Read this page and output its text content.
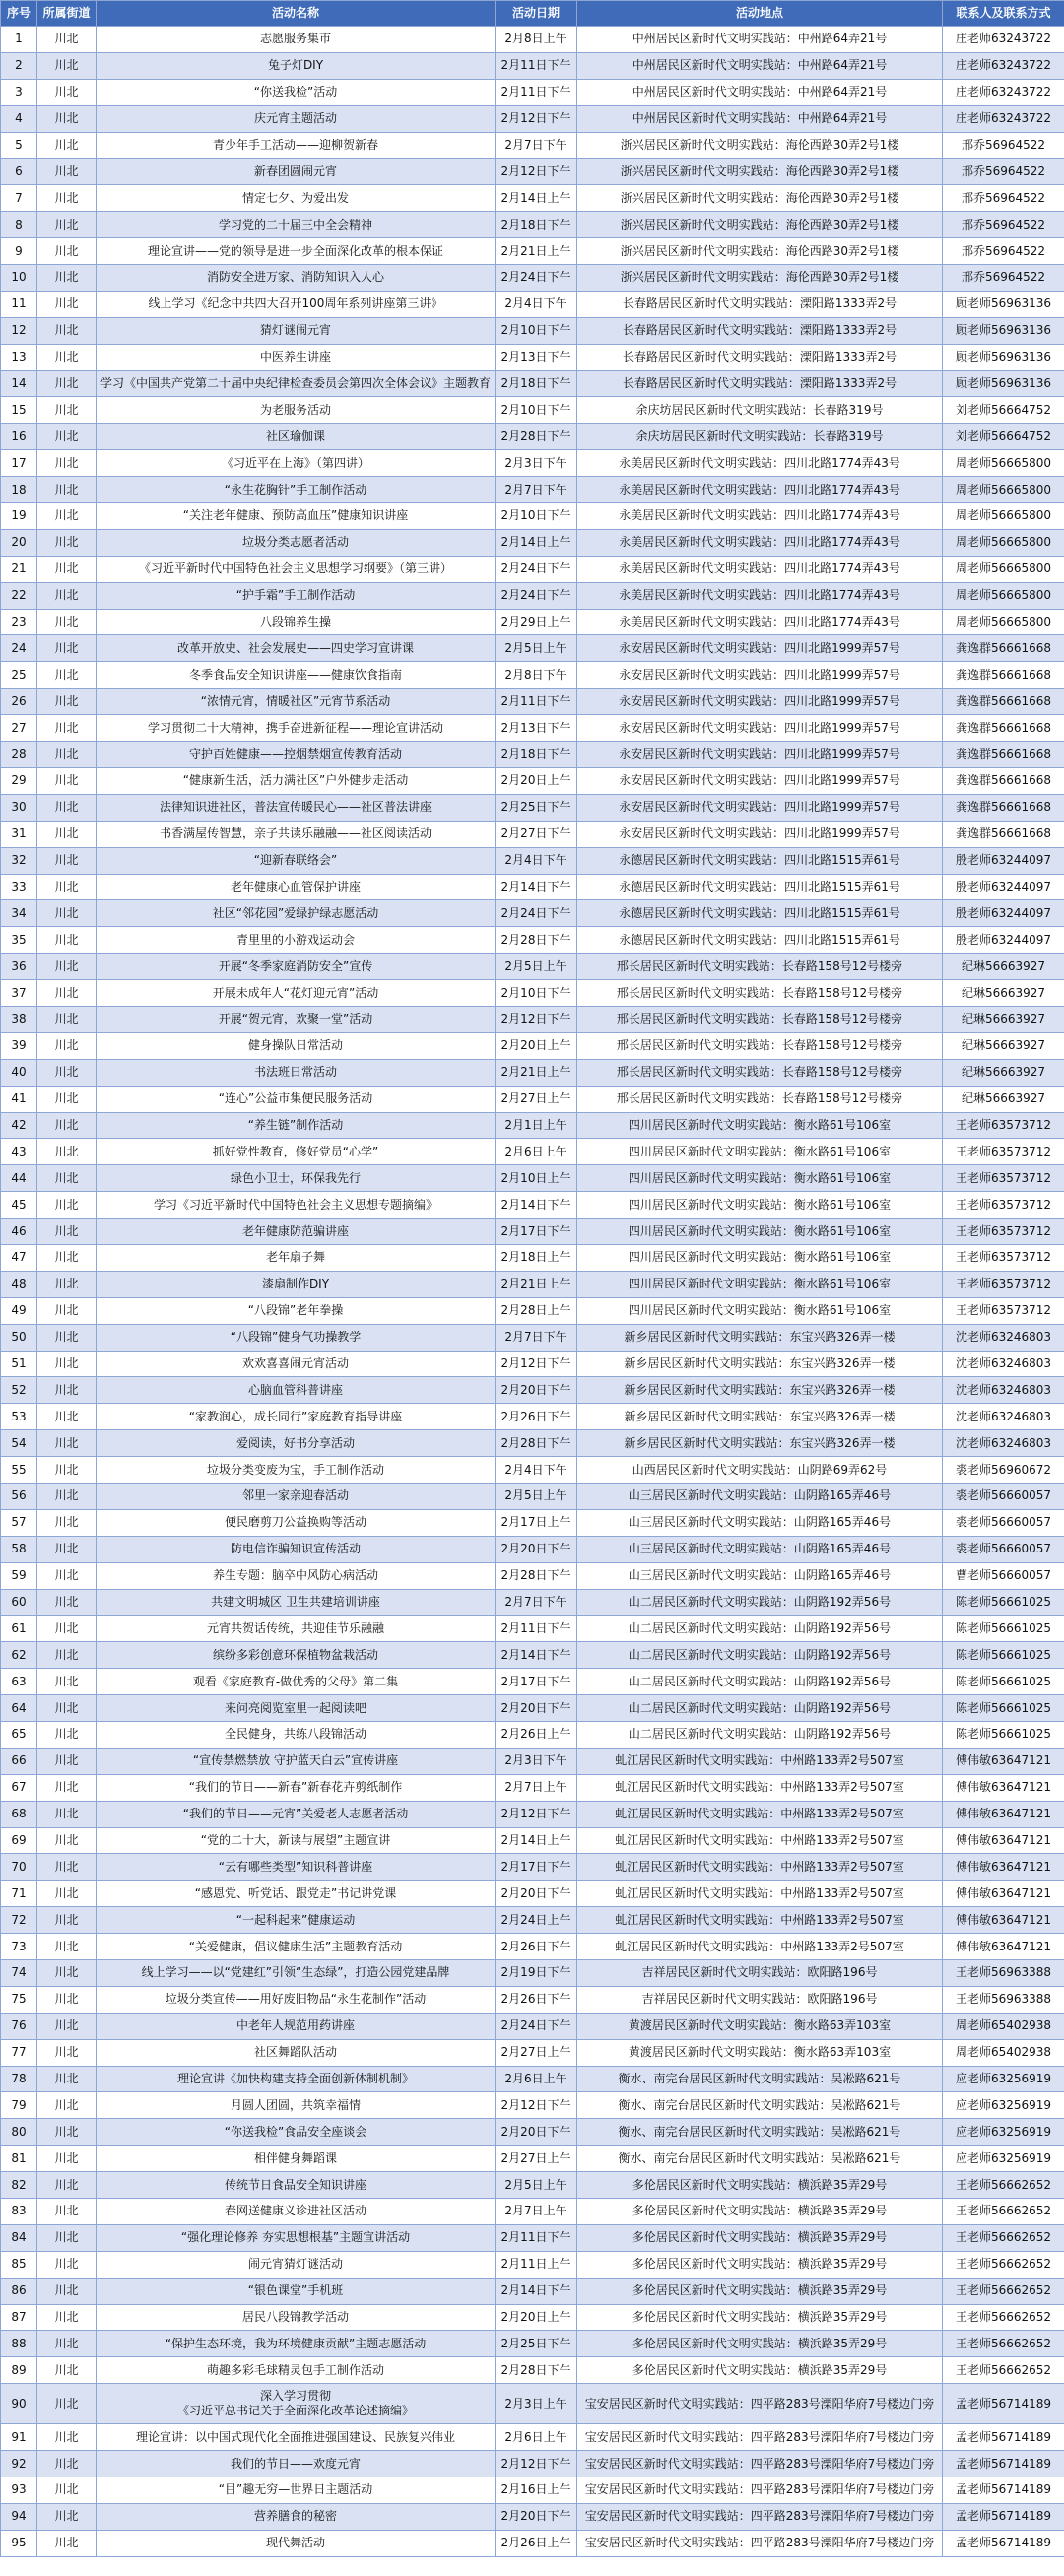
序号	所属街道	活动名称	活动日期	活动地点	联系人及联系方式
1	川北	志愿服务集市	2月8日上午	中州居民区新时代文明实践站：中州路64弄21号	庄老师63243722
2	川北	兔子灯DIY	2月11日下午	中州居民区新时代文明实践站：中州路64弄21号	庄老师63243722
3	川北	“你送我检”活动	2月11日下午	中州居民区新时代文明实践站：中州路64弄21号	庄老师63243722
4	川北	庆元宵主题活动	2月12日下午	中州居民区新时代文明实践站：中州路64弄21号	庄老师63243722
5	川北	青少年手工活动——迎柳贺新春	2月7日下午	浙兴居民区新时代文明实践站：海伦西路30弄2号1楼	邢乔56964522
6	川北	新春团圆闹元宵	2月12日下午	浙兴居民区新时代文明实践站：海伦西路30弄2号1楼	邢乔56964522
7	川北	情定七夕、为爱出发	2月14日上午	浙兴居民区新时代文明实践站：海伦西路30弄2号1楼	邢乔56964522
8	川北	学习党的二十届三中全会精神	2月18日下午	浙兴居民区新时代文明实践站：海伦西路30弄2号1楼	邢乔56964522
9	川北	理论宣讲——党的领导是进一步全面深化改革的根本保证	2月21日上午	浙兴居民区新时代文明实践站：海伦西路30弄2号1楼	邢乔56964522
10	川北	消防安全进万家、消防知识入人心	2月24日下午	浙兴居民区新时代文明实践站：海伦西路30弄2号1楼	邢乔56964522
11	川北	线上学习《纪念中共四大召开100周年系列讲座第三讲》	2月4日下午	长春路居民区新时代文明实践站：溧阳路1333弄2号	顾老师56963136
12	川北	猜灯谜闹元宵	2月10日下午	长春路居民区新时代文明实践站：溧阳路1333弄2号	顾老师56963136
13	川北	中医养生讲座	2月13日下午	长春路居民区新时代文明实践站：溧阳路1333弄2号	顾老师56963136
14	川北	学习《中国共产党第二十届中央纪律检查委员会第四次全体会议》主题教育	2月18日下午	长春路居民区新时代文明实践站：溧阳路1333弄2号	顾老师56963136
15	川北	为老服务活动	2月10日下午	余庆坊居民区新时代文明实践站：长春路319号	刘老师56664752
16	川北	社区瑜伽课	2月28日下午	余庆坊居民区新时代文明实践站：长春路319号	刘老师56664752
17	川北	《习近平在上海》（第四讲）	2月3日下午	永美居民区新时代文明实践站：四川北路1774弄43号	周老师56665800
18	川北	“永生花胸针”手工制作活动	2月7日下午	永美居民区新时代文明实践站：四川北路1774弄43号	周老师56665800
19	川北	“关注老年健康、预防高血压”健康知识讲座	2月10日下午	永美居民区新时代文明实践站：四川北路1774弄43号	周老师56665800
20	川北	垃圾分类志愿者活动	2月14日上午	永美居民区新时代文明实践站：四川北路1774弄43号	周老师56665800
21	川北	《习近平新时代中国特色社会主义思想学习纲要》（第三讲）	2月24日下午	永美居民区新时代文明实践站：四川北路1774弄43号	周老师56665800
22	川北	“护手霜”手工制作活动	2月24日下午	永美居民区新时代文明实践站：四川北路1774弄43号	周老师56665800
23	川北	八段锦养生操	2月29日上午	永美居民区新时代文明实践站：四川北路1774弄43号	周老师56665800
24	川北	改革开放史、社会发展史——四史学习宣讲课	2月5日上午	永安居民区新时代文明实践站：四川北路1999弄57号	龚逸群56661668
25	川北	冬季食品安全知识讲座——健康饮食指南	2月8日下午	永安居民区新时代文明实践站：四川北路1999弄57号	龚逸群56661668
26	川北	“浓情元宵，情暖社区”元宵节系活动	2月11日下午	永安居民区新时代文明实践站：四川北路1999弄57号	龚逸群56661668
27	川北	学习贯彻二十大精神，携手奋进新征程——理论宣讲活动	2月13日下午	永安居民区新时代文明实践站：四川北路1999弄57号	龚逸群56661668
28	川北	守护百姓健康——控烟禁烟宣传教育活动	2月18日下午	永安居民区新时代文明实践站：四川北路1999弄57号	龚逸群56661668
29	川北	“健康新生活，活力满社区”户外健步走活动	2月20日上午	永安居民区新时代文明实践站：四川北路1999弄57号	龚逸群56661668
30	川北	法律知识进社区，普法宣传暖民心——社区普法讲座	2月25日下午	永安居民区新时代文明实践站：四川北路1999弄57号	龚逸群56661668
31	川北	书香满屋传智慧，亲子共读乐融融——社区阅读活动	2月27日下午	永安居民区新时代文明实践站：四川北路1999弄57号	龚逸群56661668
32	川北	“迎新春联络会”	2月4日下午	永德居民区新时代文明实践站：四川北路1515弄61号	殷老师63244097
33	川北	老年健康心血管保护讲座	2月14日下午	永德居民区新时代文明实践站：四川北路1515弄61号	殷老师63244097
34	川北	社区“邻花园”爱绿护绿志愿活动	2月24日下午	永德居民区新时代文明实践站：四川北路1515弄61号	殷老师63244097
35	川北	青里里的小游戏运动会	2月28日下午	永德居民区新时代文明实践站：四川北路1515弄61号	殷老师63244097
36	川北	开展“冬季家庭消防安全”宣传	2月5日上午	邢长居民区新时代文明实践站：长春路158号12号楼旁	纪琳56663927
37	川北	开展未成年人“花灯迎元宵”活动	2月10日下午	邢长居民区新时代文明实践站：长春路158号12号楼旁	纪琳56663927
38	川北	开展“贺元宵，欢聚一堂”活动	2月12日下午	邢长居民区新时代文明实践站：长春路158号12号楼旁	纪琳56663927
39	川北	健身操队日常活动	2月20日上午	邢长居民区新时代文明实践站：长春路158号12号楼旁	纪琳56663927
40	川北	书法班日常活动	2月21日上午	邢长居民区新时代文明实践站：长春路158号12号楼旁	纪琳56663927
41	川北	“连心”公益市集便民服务活动	2月27日上午	邢长居民区新时代文明实践站：长春路158号12号楼旁	纪琳56663927
42	川北	“养生链”制作活动	2月1日上午	四川居民区新时代文明实践站：衡水路61号106室	王老师63573712
43	川北	抓好党性教育，修好党员“心学”	2月6日上午	四川居民区新时代文明实践站：衡水路61号106室	王老师63573712
44	川北	绿色小卫士，环保我先行	2月10日上午	四川居民区新时代文明实践站：衡水路61号106室	王老师63573712
45	川北	学习《习近平新时代中国特色社会主义思想专题摘编》	2月14日下午	四川居民区新时代文明实践站：衡水路61号106室	王老师63573712
46	川北	老年健康防范骗讲座	2月17日下午	四川居民区新时代文明实践站：衡水路61号106室	王老师63573712
47	川北	老年扇子舞	2月18日上午	四川居民区新时代文明实践站：衡水路61号106室	王老师63573712
48	川北	漆扇制作DIY	2月21日上午	四川居民区新时代文明实践站：衡水路61号106室	王老师63573712
49	川北	“八段锦”老年拳操	2月28日上午	四川居民区新时代文明实践站：衡水路61号106室	王老师63573712
50	川北	“八段锦”健身气功操教学	2月7日下午	新乡居民区新时代文明实践站：东宝兴路326弄一楼	沈老师63246803
51	川北	欢欢喜喜闹元宵活动	2月12日下午	新乡居民区新时代文明实践站：东宝兴路326弄一楼	沈老师63246803
52	川北	心脑血管科普讲座	2月20日下午	新乡居民区新时代文明实践站：东宝兴路326弄一楼	沈老师63246803
53	川北	“家教润心，成长同行”家庭教育指导讲座	2月26日下午	新乡居民区新时代文明实践站：东宝兴路326弄一楼	沈老师63246803
54	川北	爱阅读，好书分享活动	2月28日下午	新乡居民区新时代文明实践站：东宝兴路326弄一楼	沈老师63246803
55	川北	垃圾分类变废为宝，手工制作活动	2月4日下午	山西居民区新时代文明实践站：山阴路69弄62号	裘老师56960672
56	川北	邻里一家亲迎春活动	2月5日上午	山三居民区新时代文明实践站：山阴路165弄46号	裘老师56660057
57	川北	便民磨剪刀公益换购等活动	2月17日上午	山三居民区新时代文明实践站：山阴路165弄46号	裘老师56660057
58	川北	防电信诈骗知识宣传活动	2月20日下午	山三居民区新时代文明实践站：山阴路165弄46号	裘老师56660057
59	川北	养生专题：脑卒中风防心病活动	2月28日下午	山三居民区新时代文明实践站：山阴路165弄46号	曹老师56660057
60	川北	共建文明城区 卫生共建培训讲座	2月7日下午	山二居民区新时代文明实践站：山阴路192弄56号	陈老师56661025
61	川北	元宵共贺话传统，共迎佳节乐融融	2月11日下午	山二居民区新时代文明实践站：山阴路192弄56号	陈老师56661025
62	川北	缤纷多彩创意环保植物盆栽活动	2月14日下午	山二居民区新时代文明实践站：山阴路192弄56号	陈老师56661025
63	川北	观看《家庭教育-做优秀的父母》第二集	2月17日下午	山二居民区新时代文明实践站：山阴路192弄56号	陈老师56661025
64	川北	来问亮阅览室里一起阅读吧	2月20日下午	山二居民区新时代文明实践站：山阴路192弄56号	陈老师56661025
65	川北	全民健身，共练八段锦活动	2月26日上午	山二居民区新时代文明实践站：山阴路192弄56号	陈老师56661025
66	川北	“宣传禁燃禁放 守护蓝天白云”宣传讲座	2月3日下午	虬江居民区新时代文明实践站：中州路133弄2号507室	傅伟敏63647121
67	川北	“我们的节日——新春”新春花卉剪纸制作	2月7日上午	虬江居民区新时代文明实践站：中州路133弄2号507室	傅伟敏63647121
68	川北	“我们的节日——元宵”关爱老人志愿者活动	2月12日下午	虬江居民区新时代文明实践站：中州路133弄2号507室	傅伟敏63647121
69	川北	“党的二十大，新读与展望”主题宣讲	2月14日上午	虬江居民区新时代文明实践站：中州路133弄2号507室	傅伟敏63647121
70	川北	“云有哪些类型”知识科普讲座	2月17日下午	虬江居民区新时代文明实践站：中州路133弄2号507室	傅伟敏63647121
71	川北	“感恩党、听党话、跟党走”书记讲党课	2月20日下午	虬江居民区新时代文明实践站：中州路133弄2号507室	傅伟敏63647121
72	川北	“一起科起来”健康运动	2月24日上午	虬江居民区新时代文明实践站：中州路133弄2号507室	傅伟敏63647121
73	川北	“关爱健康，倡议健康生活”主题教育活动	2月26日下午	虬江居民区新时代文明实践站：中州路133弄2号507室	傅伟敏63647121
74	川北	线上学习——以“党建红”引领“生态绿”，打造公园党建品牌	2月19日下午	吉祥居民区新时代文明实践站：欧阳路196号	王老师56963388
75	川北	垃圾分类宣传——用好废旧物品“永生花制作”活动	2月26日下午	吉祥居民区新时代文明实践站：欧阳路196号	王老师56963388
76	川北	中老年人规范用药讲座	2月24日下午	黄渡居民区新时代文明实践站：衡水路63弄103室	周老师65402938
77	川北	社区舞蹈队活动	2月27日上午	黄渡居民区新时代文明实践站：衡水路63弄103室	周老师65402938
78	川北	理论宣讲《加快构建支持全面创新体制机制》	2月6日上午	衡水、南完台居民区新时代文明实践站：吴凇路621号	应老师63256919
79	川北	月圆人团圆，共筑幸福情	2月12日下午	衡水、南完台居民区新时代文明实践站：吴凇路621号	应老师63256919
80	川北	“你送我检”食品安全座谈会	2月20日下午	衡水、南完台居民区新时代文明实践站：吴凇路621号	应老师63256919
81	川北	相伴健身舞蹈课	2月27日上午	衡水、南完台居民区新时代文明实践站：吴凇路621号	应老师63256919
82	川北	传统节日食品安全知识讲座	2月5日上午	多伦居民区新时代文明实践站：横浜路35弄29号	王老师56662652
83	川北	春网送健康义诊进社区活动	2月7日上午	多伦居民区新时代文明实践站：横浜路35弄29号	王老师56662652
84	川北	“强化理论修养 夯实思想根基”主题宣讲活动	2月11日下午	多伦居民区新时代文明实践站：横浜路35弄29号	王老师56662652
85	川北	闹元宵猜灯谜活动	2月11日上午	多伦居民区新时代文明实践站：横浜路35弄29号	王老师56662652
86	川北	“银色课堂”手机班	2月14日下午	多伦居民区新时代文明实践站：横浜路35弄29号	王老师56662652
87	川北	居民八段锦教学活动	2月20日上午	多伦居民区新时代文明实践站：横浜路35弄29号	王老师56662652
88	川北	“保护生态环境，我为环境健康贡献”主题志愿活动	2月25日下午	多伦居民区新时代文明实践站：横浜路35弄29号	王老师56662652
89	川北	萌趣多彩毛球精灵包手工制作活动	2月28日下午	多伦居民区新时代文明实践站：横浜路35弄29号	王老师56662652
90	川北	深入学习贯彻
《习近平总书记关于全面深化改革论述摘编》	2月3日上午	宝安居民区新时代文明实践站：四平路283号溧阳华府7号楼边门旁	孟老师56714189
91	川北	理论宣讲：以中国式现代化全面推进强国建设、民族复兴伟业	2月6日上午	宝安居民区新时代文明实践站：四平路283号溧阳华府7号楼边门旁	孟老师56714189
92	川北	我们的节日——欢度元宵	2月12日下午	宝安居民区新时代文明实践站：四平路283号溧阳华府7号楼边门旁	孟老师56714189
93	川北	“目”趣无穷—世界日主题活动	2月16日上午	宝安居民区新时代文明实践站：四平路283号溧阳华府7号楼边门旁	孟老师56714189
94	川北	营养膳食的秘密	2月20日下午	宝安居民区新时代文明实践站：四平路283号溧阳华府7号楼边门旁	孟老师56714189
95	川北	现代舞活动	2月26日上午	宝安居民区新时代文明实践站：四平路283号溧阳华府7号楼边门旁	孟老师56714189
